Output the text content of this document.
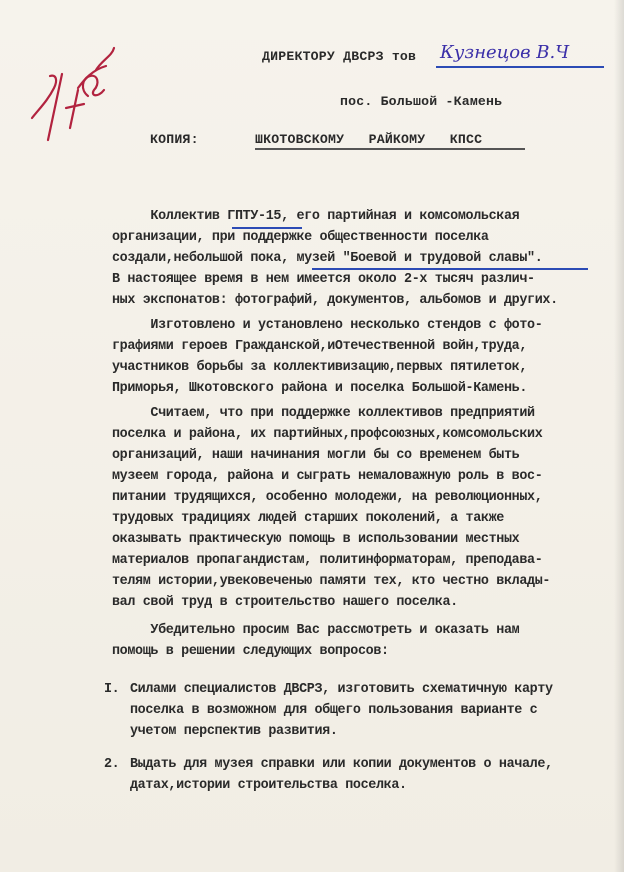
ДИРЕКТОРУ ДВСРЗ тов Кузнецов В.Ч
пос. Большой -Камень
КОПИЯ:	ШКОТОВСКОМУ   РАЙКОМУ   КПСС
Коллектив ГПТУ-15, его партийная и комсомольская
организации, при поддержке общественности поселка
создали,небольшой пока, музей "Боевой и трудовой славы".
В настоящее время в нем имеется около 2-х тысяч различ-
ных экспонатов: фотографий, документов, альбомов и других.
Изготовлено и установлено несколько стендов с фото-
графиями героев Гражданской,иОтечественной войн,труда,
участников борьбы за коллективизацию,первых пятилеток,
Приморья, Шкотовского района и поселка Большой-Камень.
Считаем, что при поддержке коллективов предприятий
поселка и района, их партийных,профсоюзных,комсомольских
организаций, наши начинания могли бы со временем быть
музеем города, района и сыграть немаловажную роль в вос-
питании трудящихся, особенно молодежи, на революционных,
трудовых традициях людей старших поколений, а также
оказывать практическую помощь в использовании местных
материалов пропагандистам, политинформаторам, преподава-
телям истории,увековеченью памяти тех, кто честно вклады-
вал свой труд в строительство нашего поселка.
Убедительно просим Вас рассмотреть и оказать нам
помощь в решении следующих вопросов:
I. Силами специалистов ДВСРЗ, изготовить схематичную карту
поселка в возможном для общего пользования варианте с
учетом перспектив развития.
2. Выдать для музея справки или копии документов о начале,
датах,истории строительства поселка.
